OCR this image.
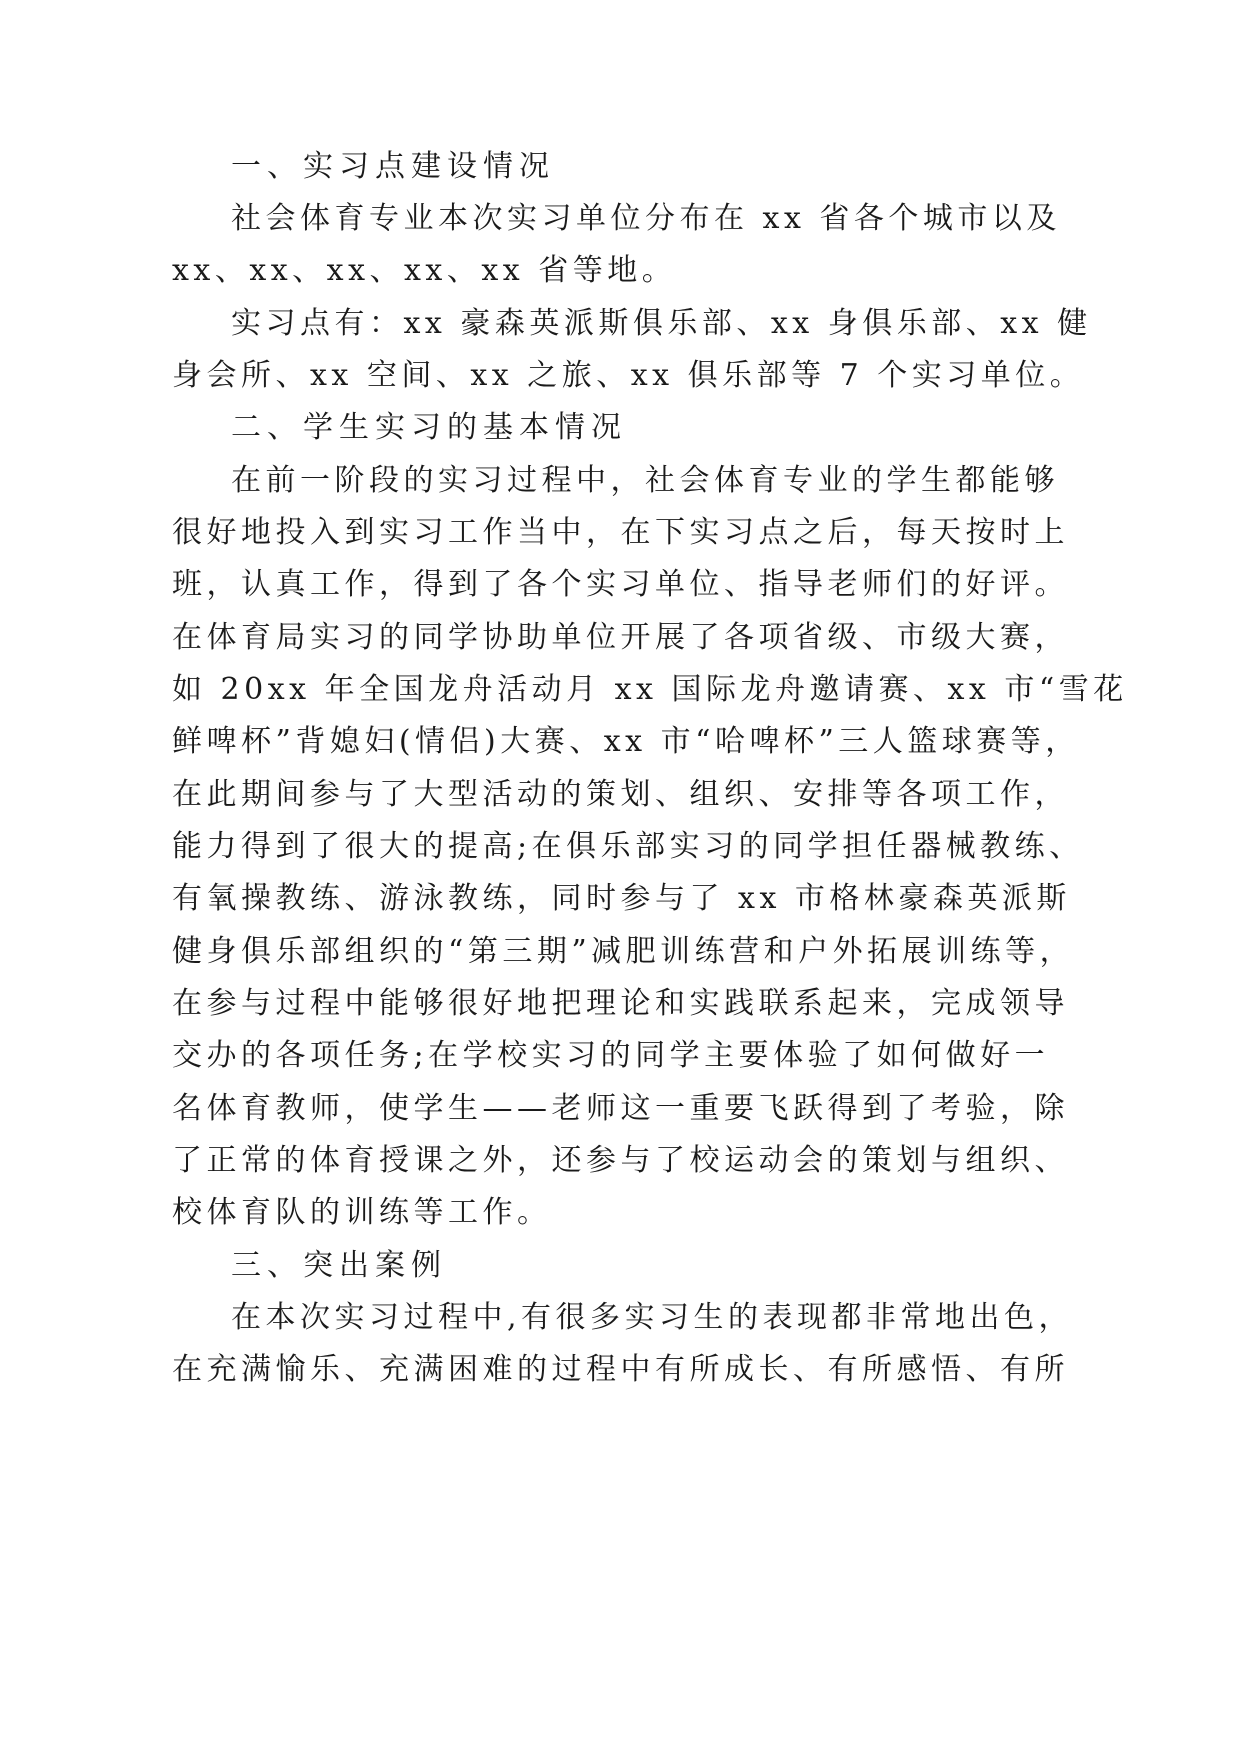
一、实习点建设情况
社会体育专业本次实习单位分布在 xx 省各个城市以及
xx、xx、xx、xx、xx 省等地。
实习点有：xx 豪森英派斯俱乐部、xx 身俱乐部、xx 健
身会所、xx 空间、xx 之旅、xx 俱乐部等 7 个实习单位。
二、学生实习的基本情况
在前一阶段的实习过程中，社会体育专业的学生都能够
很好地投入到实习工作当中，在下实习点之后，每天按时上
班，认真工作，得到了各个实习单位、指导老师们的好评。
在体育局实习的同学协助单位开展了各项省级、市级大赛，
如 20xx 年全国龙舟活动月 xx 国际龙舟邀请赛、xx 市“雪花
鲜啤杯”背媳妇(情侣)大赛、xx 市“哈啤杯”三人篮球赛等，
在此期间参与了大型活动的策划、组织、安排等各项工作，
能力得到了很大的提高;在俱乐部实习的同学担任器械教练、
有氧操教练、游泳教练，同时参与了 xx 市格林豪森英派斯
健身俱乐部组织的“第三期”减肥训练营和户外拓展训练等，
在参与过程中能够很好地把理论和实践联系起来，完成领导
交办的各项任务;在学校实习的同学主要体验了如何做好一
名体育教师，使学生——老师这一重要飞跃得到了考验，除
了正常的体育授课之外，还参与了校运动会的策划与组织、
校体育队的训练等工作。
三、突出案例
在本次实习过程中,有很多实习生的表现都非常地出色，
在充满愉乐、充满困难的过程中有所成长、有所感悟、有所
